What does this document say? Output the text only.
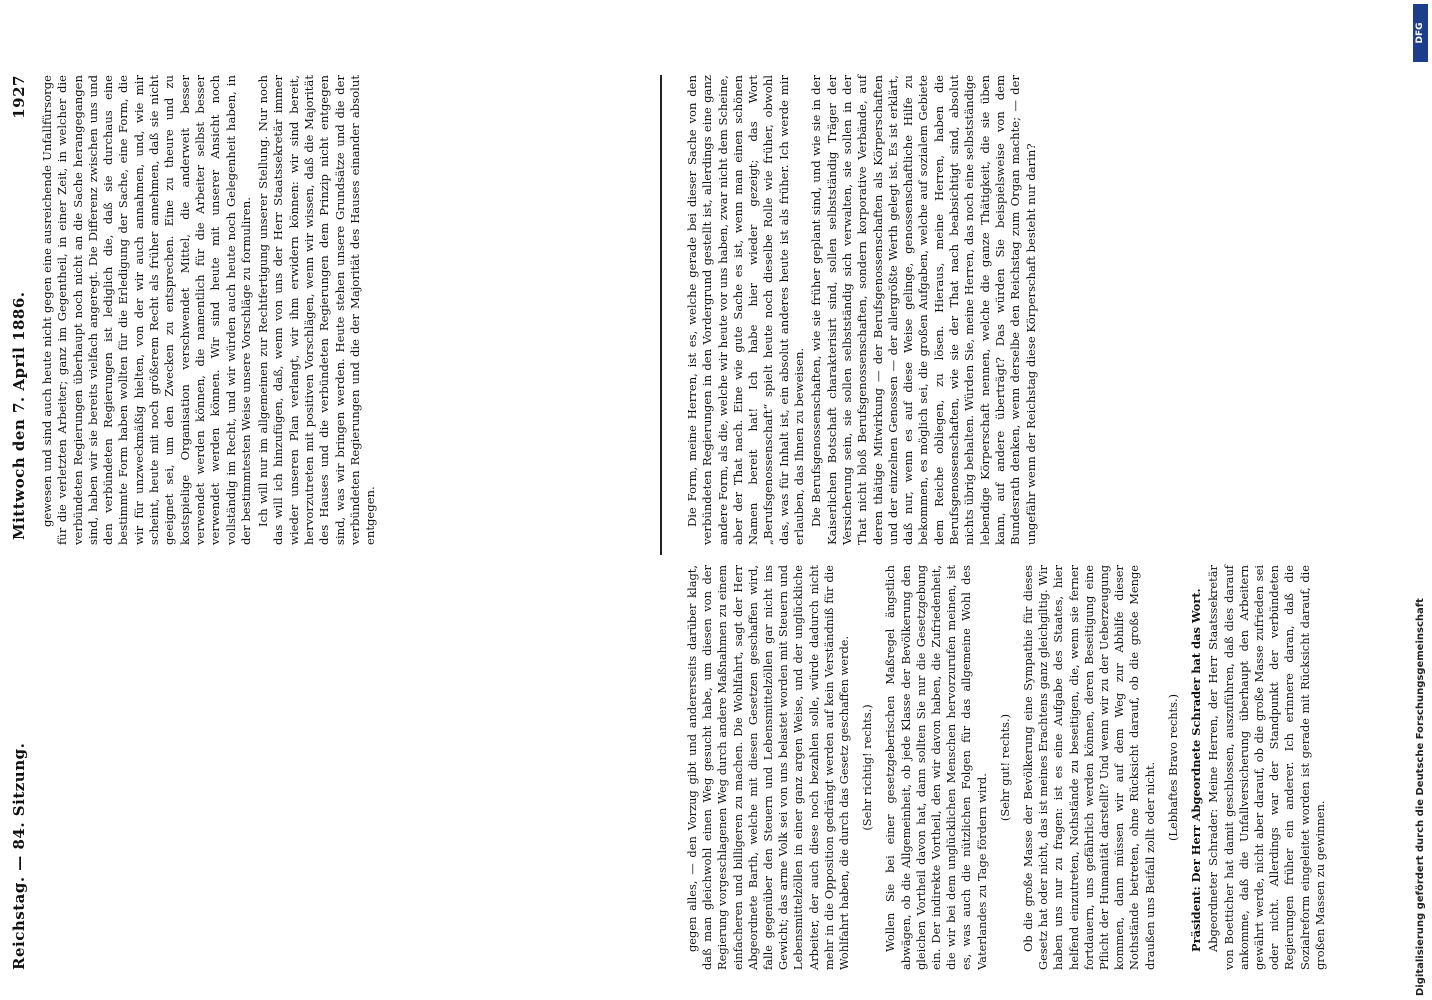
Reichstag. — 84. Sitzung.
Mittwoch den 7. April 1886.
1927 gewesen und sind auch heute nicht gegen eine ausreichende Unfallfürsorge für die verletzten Arbeiter; ganz im Gegentheil, in einer Zeit, in welcher die verbündeten Regierungen überhaupt noch nicht an die Sache herangegangen sind, haben wir sie bereits vielfach angeregt. Die Differenz zwischen uns und den verbündeten Regierungen ist lediglich die, daß sie durchaus eine bestimmte Form haben wollten für die Erledigung der Sache, eine Form, die wir für unzweckmäßig hielten, von der wir auch annahmen, und, wie mir scheint, heute mit noch größerem Recht als früher annehmen, daß sie nicht geeignet sei, um den Zwecken zu entsprechen. Eine zu theure und zu kostspielige Organisation verschwendet Mittel, die anderweit besser verwendet werden können, die namentlich für die Arbeiter selbst besser verwendet werden können. Wir sind heute mit unserer Ansicht noch vollständig im Recht, und wir würden auch heute noch Gelegenheit haben, in der bestimmtesten Weise unsere Vorschläge zu formuliren. Ich will nur im allgemeinen zur Rechtfertigung unserer Stellung. Nur noch das will ich hinzufügen, daß, wenn von uns der Herr Staatssekretär immer wieder unseren Plan verlangt, wir ihm erwidern können: wir sind bereit, hervorzutreten mit positiven Vorschlägen, wenn wir wissen, daß die Majorität des Hauses und die verbündeten Regierungen dem Prinzip nicht entgegen sind, was wir bringen werden. Heute stehen unsere Grundsätze und die der verbündeten Regierungen und die der Majorität des Hauses einander absolut entgegen.

gegen alles, — den Vorzug gibt und andererseits darüber klagt, daß man gleichwohl einen Weg gesucht habe, um diesen von der Regierung vorgeschlagenen Weg durch andere Maßnahmen zu einem einfacheren und billigeren zu machen. Die Wohlfahrt, sagt der Herr Abgeordnete Barth, welche mit diesen Gesetzen geschaffen wird, falle gegenüber den Steuern und Lebensmittelzöllen gar nicht ins Gewicht; das arme Volk sei von uns belastet worden mit Steuern und Lebensmittelzöllen in einer ganz argen Weise, und der unglückliche Arbeiter, der auch diese noch bezahlen solle, würde dadurch nicht mehr in die Opposition gedrängt werden auf kein Verständniß für die Wohlfahrt haben, die durch das Gesetz geschaffen werde. (Sehr richtig! rechts.) Wollen Sie bei einer gesetzgeberischen Maßregel ängstlich abwägen, ob die Allgemeinheit, ob jede Klasse der Bevölkerung den gleichen Vortheil davon hat, dann sollten Sie nur die Gesetzgebung ein. Der indirekte Vortheil, den wir davon haben, die Zufriedenheit, die wir bei dem unglücklichen Menschen hervorzurufen meinen, ist es, was auch die nützlichen Folgen für das allgemeine Wohl des Vaterlandes zu Tage fördern wird.

(Sehr gut! rechts.) Ob die große Masse der Bevölkerung eine Sympathie für dieses Gesetz hat oder nicht, das ist meines Erachtens ganz gleichgiltig. Wir haben uns nur zu fragen: ist es eine Aufgabe des Staates, hier helfend einzutreten, Nothstände zu beseitigen, die, wenn sie ferner fortdauern, uns gefährlich werden können, deren Beseitigung eine Pflicht der Humanität darstellt? Und wenn wir zu der Ueberzeugung kommen, dann müssen wir auf dem Weg zur Abhilfe dieser Nothstände betreten, ohne Rücksicht darauf, ob die große Menge draußen uns Beifall zollt oder nicht. (Lebhaftes Bravo rechts.) Präsident: Der Herr Abgeordnete Schrader hat das Wort. Abgeordneter Schrader: Meine Herren, der Herr Staatssekretär von Boetticher hat damit geschlossen, auszuführen, daß dies darauf ankomme, daß die Unfallversicherung überhaupt den Arbeitern gewährt werde, nicht aber darauf, ob die große Masse zufrieden sei oder nicht. Allerdings war der Standpunkt der verbündeten Regierungen früher ein anderer. Ich erinnere daran, daß die Sozialreform eingeleitet worden ist gerade mit Rücksicht darauf, die großen Massen zu gewinnen.

Die Form, meine Herren, ist es, welche gerade bei dieser Sache von den verbündeten Regierungen in den Vordergrund gestellt ist, allerdings eine ganz andere Form, als die, welche wir heute vor uns haben, zwar nicht dem Scheine, aber der That nach. Eine wie gute Sache es ist, wenn man einen schönen Namen bereit hat! Ich habe hier wieder gezeigt; das Wort „Berufsgenossenschaft“ spielt heute noch dieselbe Rolle wie früher, obwohl das, was für Inhalt ist, ein absolut anderes heute ist als früher. Ich werde mir erlauben, das Ihnen zu beweisen. Die Berufsgenossenschaften, wie sie früher geplant sind, und wie sie in der Kaiserlichen Botschaft charakterisirt sind, sollen selbstständig Träger der Versicherung sein, sie sollen selbstständig sich verwalten, sie sollen in der That nicht bloß Berufsgenossenschaften, sondern korporative Verbände, auf deren thätige Mitwirkung — der Berufsgenossenschaften als Körperschaften und der einzelnen Genossen — der allergrößte Werth gelegt ist. Es ist erklärt, daß nur, wenn es auf diese Weise gelinge, genossenschaftliche Hilfe zu bekommen, es möglich sei, die großen Aufgaben, welche auf sozialem Gebiete dem Reiche obliegen, zu lösen. Hieraus, meine Herren, haben die Berufsgenossenschaften, wie sie der That nach beabsichtigt sind, absolut nichts übrig behalten. Würden Sie, meine Herren, das noch eine selbstständige lebendige Körperschaft nennen, welche die ganze Thätigkeit, die sie üben kann, auf andere überträgt? Das würden Sie beispielsweise von dem Bundesrath denken, wenn derselbe den Reichstag zum Organ machte; — der ungefähr wenn der Reichstag diese Körperschaft besteht nur darin?

Digitalisierung gefördert durch die Deutsche Forschungsgemeinschaft
DFG
